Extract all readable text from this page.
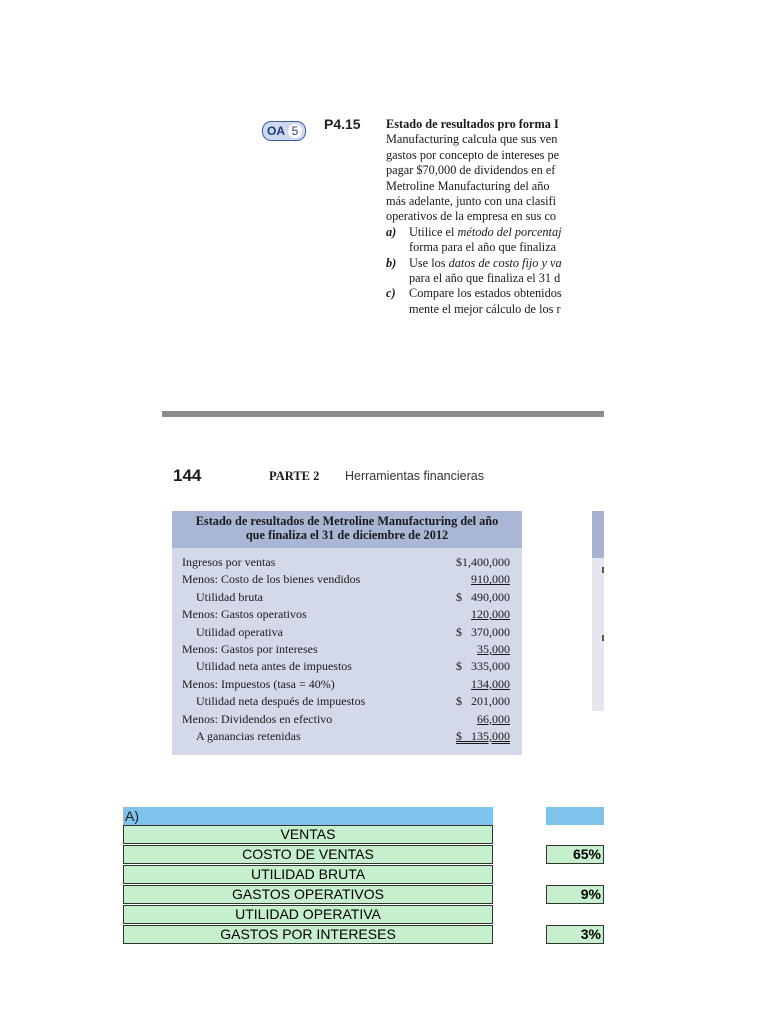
OA 5 P4.15 Estado de resultados pro forma I
Manufacturing calcula que sus ven
gastos por concepto de intereses pe
pagar $70,000 de dividendos en ef
Metroline Manufacturing del año
más adelante, junto con una clasifi
operativos de la empresa en sus co
a) Utilice el método del porcentaj
forma para el año que finaliza
b) Use los datos de costo fijo y va
para el año que finaliza el 31 d
c) Compare los estados obtenidos
mente el mejor cálculo de los r
144	PARTE 2 Herramientas financieras
Estado de resultados de Metroline Manufacturing del año
que finaliza el 31 de diciembre de 2012
Ingresos por ventas	$1,400,000
Menos: Costo de los bienes vendidos	910,000
Utilidad bruta	$   490,000
Menos: Gastos operativos	120,000
Utilidad operativa	$   370,000
Menos: Gastos por intereses	35,000
Utilidad neta antes de impuestos	$   335,000
Menos: Impuestos (tasa = 40%)	134,000
Utilidad neta después de impuestos	$   201,000
Menos: Dividendos en efectivo	66,000
A ganancias retenidas	$   135,000
A)
VENTAS
COSTO DE VENTAS	65%
UTILIDAD BRUTA
GASTOS OPERATIVOS	9%
UTILIDAD OPERATIVA
GASTOS POR INTERESES	3%
